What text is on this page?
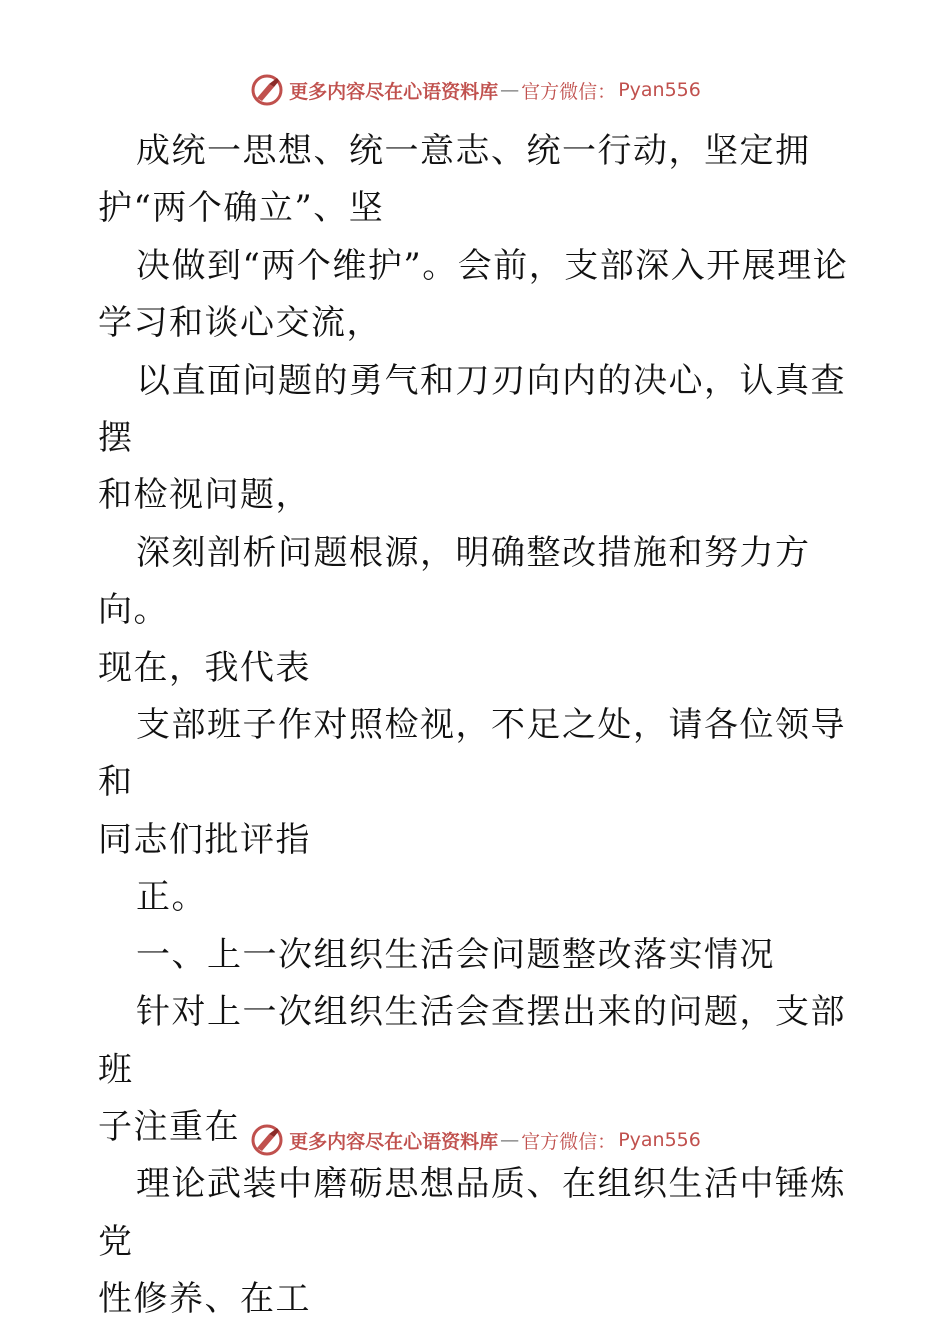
更多内容尽在心语资料库 — 官方微信： Pyan556

成统一思想、统一意志、统一行动，坚定拥

护“两个确立”、坚

决做到“两个维护”。会前，支部深入开展理论

学习和谈心交流，

以直面问题的勇气和刀刃向内的决心，认真查摆

和检视问题，

深刻剖析问题根源，明确整改措施和努力方向。

现在，我代表

支部班子作对照检视，不足之处，请各位领导和

同志们批评指

正。

一、上一次组织生活会问题整改落实情况

针对上一次组织生活会查摆出来的问题，支部班

子注重在

理论武装中磨砺思想品质、在组织生活中锤炼党

性修养、在工

更多内容尽在心语资料库 — 官方微信： Pyan556
